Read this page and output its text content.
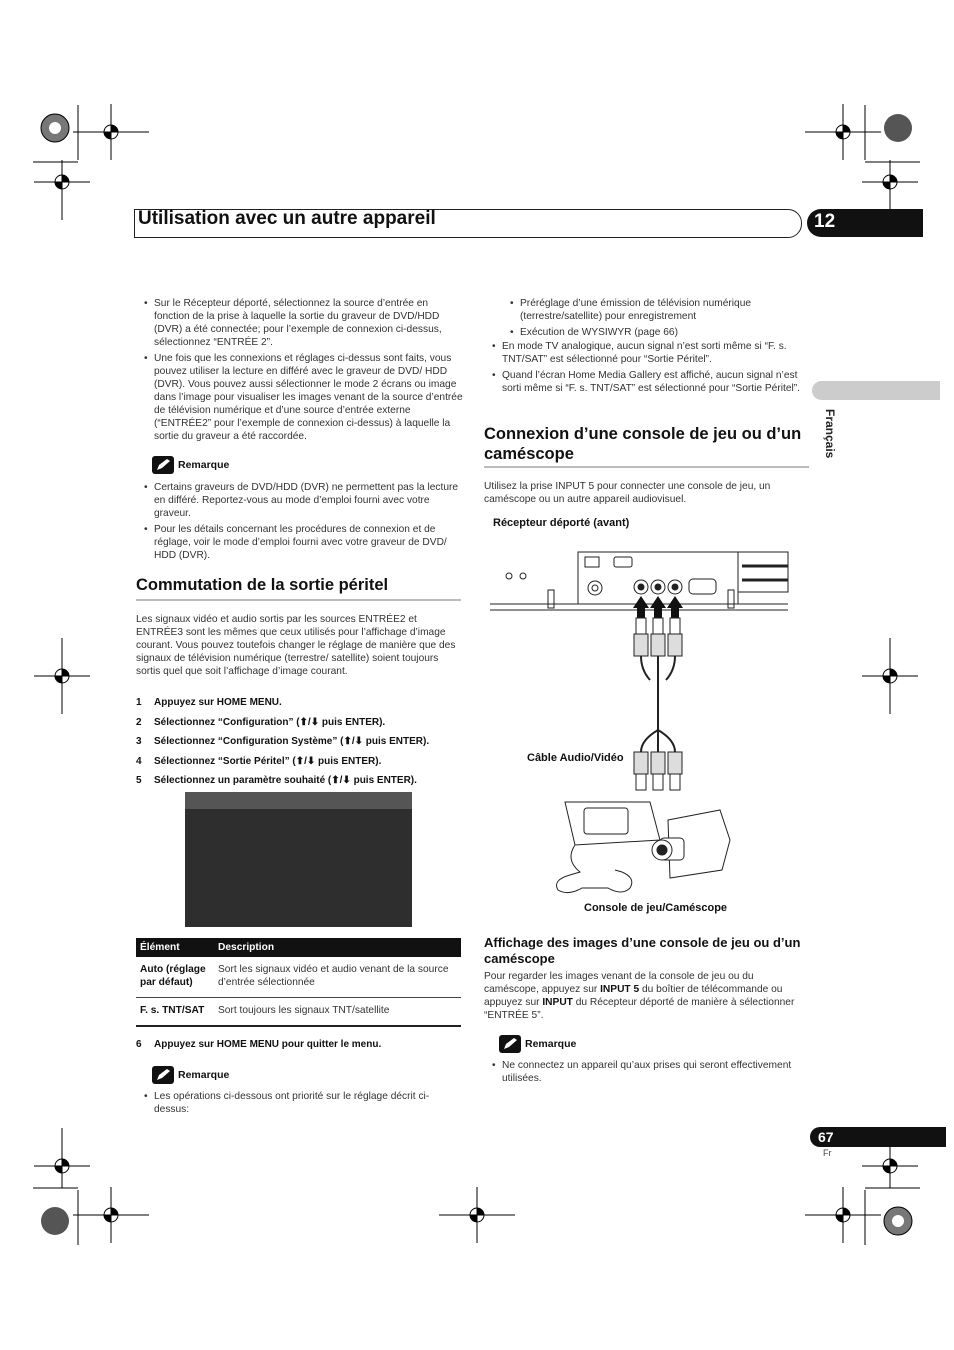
Utilisation avec un autre appareil	12
Français
• Sur le Récepteur déporté, sélectionnez la source d’entrée en fonction de la prise à laquelle la sortie du graveur de DVD/HDD (DVR) a été connectée; pour l’exemple de connexion ci-dessus, sélectionnez “ENTRÉE 2”.
• Une fois que les connexions et réglages ci-dessus sont faits, vous pouvez utiliser la lecture en différé avec le graveur de DVD/ HDD (DVR). Vous pouvez aussi sélectionner le mode 2 écrans ou image dans l’image pour visualiser les images venant de la source d’entrée de télévision numérique et d’une source d’entrée externe (“ENTRÉE2” pour l’exemple de connexion ci-dessus) à laquelle la sortie du graveur a été raccordée.
Remarque
• Certains graveurs de DVD/HDD (DVR) ne permettent pas la lecture en différé. Reportez-vous au mode d’emploi fourni avec votre graveur.
• Pour les détails concernant les procédures de connexion et de réglage, voir le mode d’emploi fourni avec votre graveur de DVD/ HDD (DVR).
Commutation de la sortie péritel
Les signaux vidéo et audio sortis par les sources ENTRÉE2 et ENTRÉE3 sont les mêmes que ceux utilisés pour l’affichage d’image courant. Vous pouvez toutefois changer le réglage de manière que des signaux de télévision numérique (terrestre/ satellite) soient toujours sortis quel que soit l’affichage d’image courant.
1 Appuyez sur HOME MENU.
2 Sélectionnez “Configuration” (⬆/⬇ puis ENTER).
3 Sélectionnez “Configuration Système” (⬆/⬇ puis ENTER).
4 Sélectionnez “Sortie Péritel” (⬆/⬇ puis ENTER).
5 Sélectionnez un paramètre souhaité (⬆/⬇ puis ENTER).
Élément	Description
Auto (réglage par défaut)	Sort les signaux vidéo et audio venant de la source d’entrée sélectionnée
F. s. TNT/SAT	Sort toujours les signaux TNT/satellite
6 Appuyez sur HOME MENU pour quitter le menu.
Remarque
• Les opérations ci-dessous ont priorité sur le réglage décrit ci-dessus:
• Préréglage d’une émission de télévision numérique (terrestre/satellite) pour enregistrement
• Exécution de WYSIWYR (page 66)
• En mode TV analogique, aucun signal n’est sorti même si “F. s. TNT/SAT” est sélectionné pour “Sortie Péritel”.
• Quand l’écran Home Media Gallery est affiché, aucun signal n’est sorti même si “F. s. TNT/SAT” est sélectionné pour “Sortie Péritel”.
Connexion d’une console de jeu ou d’un caméscope
Utilisez la prise INPUT 5 pour connecter une console de jeu, un caméscope ou un autre appareil audiovisuel.
Récepteur déporté (avant)
Câble Audio/Vidéo
Console de jeu/Caméscope
Affichage des images d’une console de jeu ou d’un caméscope
Pour regarder les images venant de la console de jeu ou du caméscope, appuyez sur INPUT 5 du boîtier de télécommande ou appuyez sur INPUT du Récepteur déporté de manière à sélectionner “ENTRÉE 5”.
Remarque
• Ne connectez un appareil qu’aux prises qui seront effectivement utilisées.
67
Fr
